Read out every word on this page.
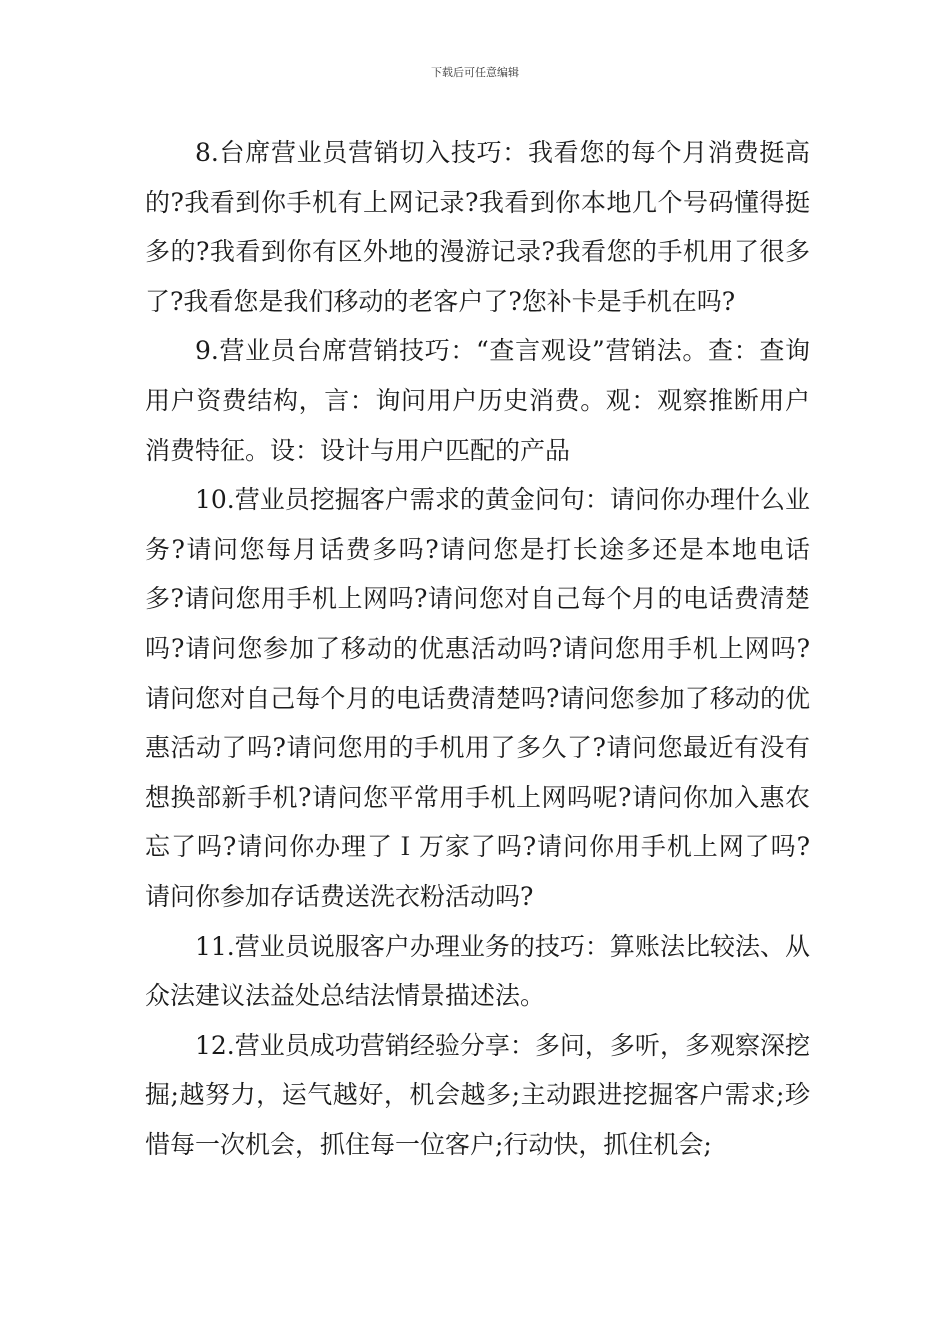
下载后可任意编辑

8.台席营业员营销切入技巧：我看您的每个月消费挺高的?我看到你手机有上网记录?我看到你本地几个号码懂得挺多的?我看到你有区外地的漫游记录?我看您的手机用了很多了?我看您是我们移动的老客户了?您补卡是手机在吗?

9.营业员台席营销技巧：“查言观设”营销法。查：查询用户资费结构，言：询问用户历史消费。观：观察推断用户消费特征。设：设计与用户匹配的产品

10.营业员挖掘客户需求的黄金问句：请问你办理什么业务?请问您每月话费多吗?请问您是打长途多还是本地电话多?请问您用手机上网吗?请问您对自己每个月的电话费清楚吗?请问您参加了移动的优惠活动吗?请问您用手机上网吗?请问您对自己每个月的电话费清楚吗?请问您参加了移动的优惠活动了吗?请问您用的手机用了多久了?请问您最近有没有想换部新手机?请问您平常用手机上网吗呢?请问你加入惠农忘了吗?请问你办理了Ｉ万家了吗?请问你用手机上网了吗?请问你参加存话费送洗衣粉活动吗?

11.营业员说服客户办理业务的技巧：算账法比较法、从众法建议法益处总结法情景描述法。

12.营业员成功营销经验分享：多问，多听，多观察深挖掘;越努力，运气越好，机会越多;主动跟进挖掘客户需求;珍惜每一次机会，抓住每一位客户;行动快，抓住机会;
